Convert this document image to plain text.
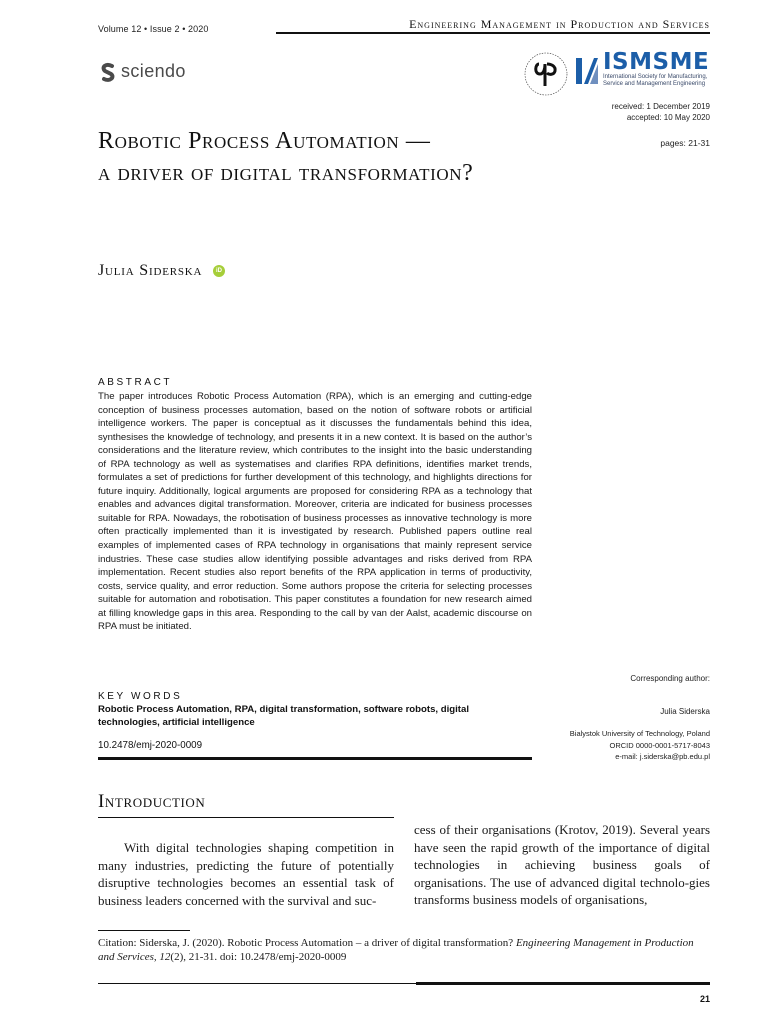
Volume 12 • Issue 2 • 2020	Engineering Management in Production and Services
sciendo	ISMSME
International Society for Manufacturing,
Service and Management Engineering
received: 1 December 2019
accepted: 10 May 2020
pages: 21-31
Robotic Process Automation —
a driver of digital transformation?
Julia Siderska	iD
ABSTRACT
The paper introduces Robotic Process Automation (RPA), which is an emerging and cutting-edge conception of business processes automation, based on the notion of software robots or artificial intelligence workers. The paper is conceptual as it discusses the fundamentals behind this idea, synthesises the knowledge of technology, and presents it in a new context. It is based on the author’s considerations and the literature review, which contributes to the insight into the basic understanding of RPA technology as well as systematises and clarifies RPA definitions, identifies market trends, formulates a set of predictions for further development of this technology, and highlights directions for future inquiry. Additionally, logical arguments are proposed for considering RPA as a technology that enables and advances digital transformation. Moreover, criteria are indicated for business processes suitable for RPA. Nowadays, the robotisation of business processes as innovative technology is more often practically implemented than it is investigated by research. Published papers outline real examples of implemented cases of RPA technology in organisations that mainly represent service industries. These case studies allow identifying possible advantages and risks derived from RPA implementation. Recent studies also report benefits of the RPA application in terms of productivity, costs, service quality, and error reduction. Some authors propose the criteria for selecting processes suitable for automation and robotisation. This paper constitutes a foundation for new research aimed at filling knowledge gaps in this area. Responding to the call by van der Aalst, academic discourse on RPA must be initiated.
KEY WORDS
Robotic Process Automation, RPA, digital transformation, software robots, digital technologies, artificial intelligence
10.2478/emj-2020-0009
Corresponding author:
Julia Siderska
Bialystok University of Technology, Poland
ORCID 0000-0001-5717-8043
e-mail: j.siderska@pb.edu.pl
Introduction
With digital technologies shaping competition in many industries, predicting the future of potentially disruptive technologies becomes an essential task of business leaders concerned with the survival and suc-
cess of their organisations (Krotov, 2019). Several years have seen the rapid growth of the importance of digital technologies in achieving business goals of organisations. The use of advanced digital technolo-gies transforms business models of organisations,
Citation: Siderska, J. (2020). Robotic Process Automation – a driver of digital transformation? Engineering Management in Production and Services, 12(2), 21-31. doi: 10.2478/emj-2020-0009
21
